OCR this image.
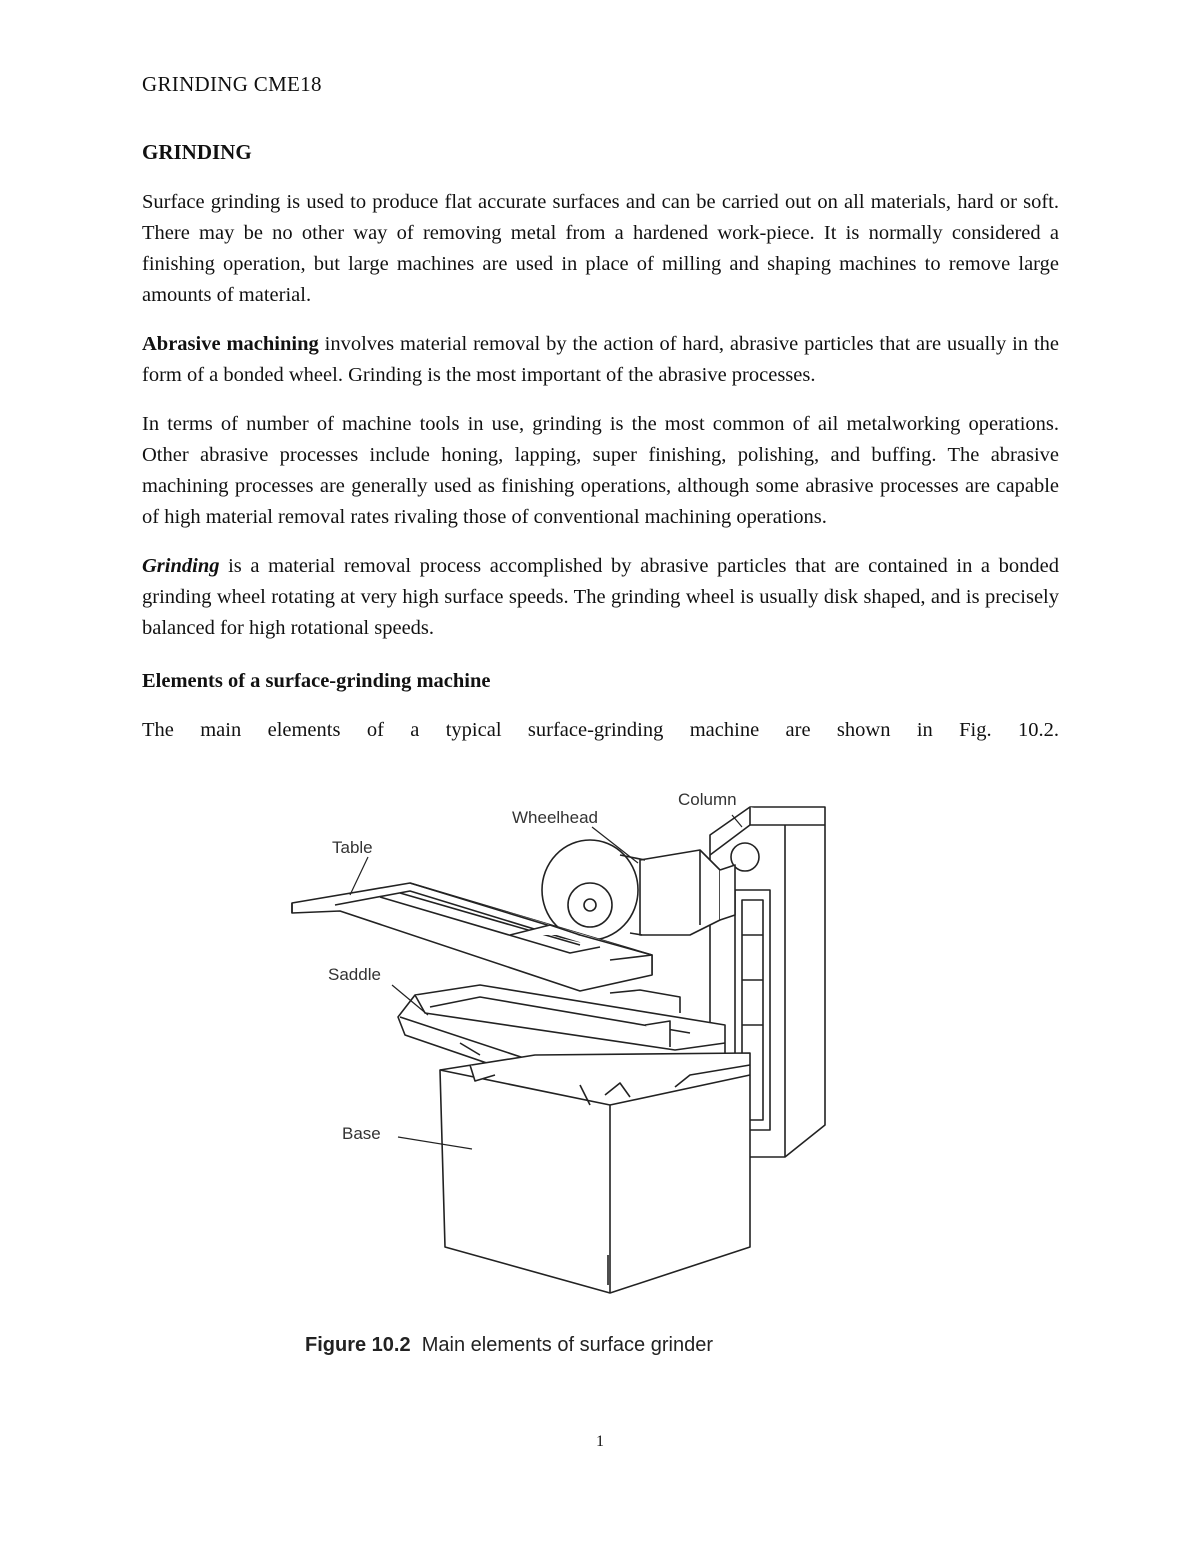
GRINDING CME18
GRINDING

Surface grinding is used to produce flat accurate surfaces and can be carried out on all materials, hard or soft. There may be no other way of removing metal from a hardened work-piece. It is normally considered a finishing operation, but large machines are used in place of milling and shaping machines to remove large amounts of material.

Abrasive machining involves material removal by the action of hard, abrasive particles that are usually in the form of a bonded wheel. Grinding is the most important of the abrasive processes.

In terms of number of machine tools in use, grinding is the most common of ail metalworking operations. Other abrasive processes include honing, lapping, super finishing, polishing, and buffing. The abrasive machining processes are generally used as finishing operations, although some abrasive processes are capable of high material removal rates rivaling those of conventional machining operations.

Grinding is a material removal process accomplished by abrasive particles that are contained in a bonded grinding wheel rotating at very high surface speeds. The grinding wheel is usually disk shaped, and is precisely balanced for high rotational speeds.

Elements of a surface-grinding machine

The main elements of a typical surface-grinding machine are shown in Fig. 10.2.

Column
Wheelhead
Table
Saddle
Base
Figure 10.2 Main elements of surface grinder
1
